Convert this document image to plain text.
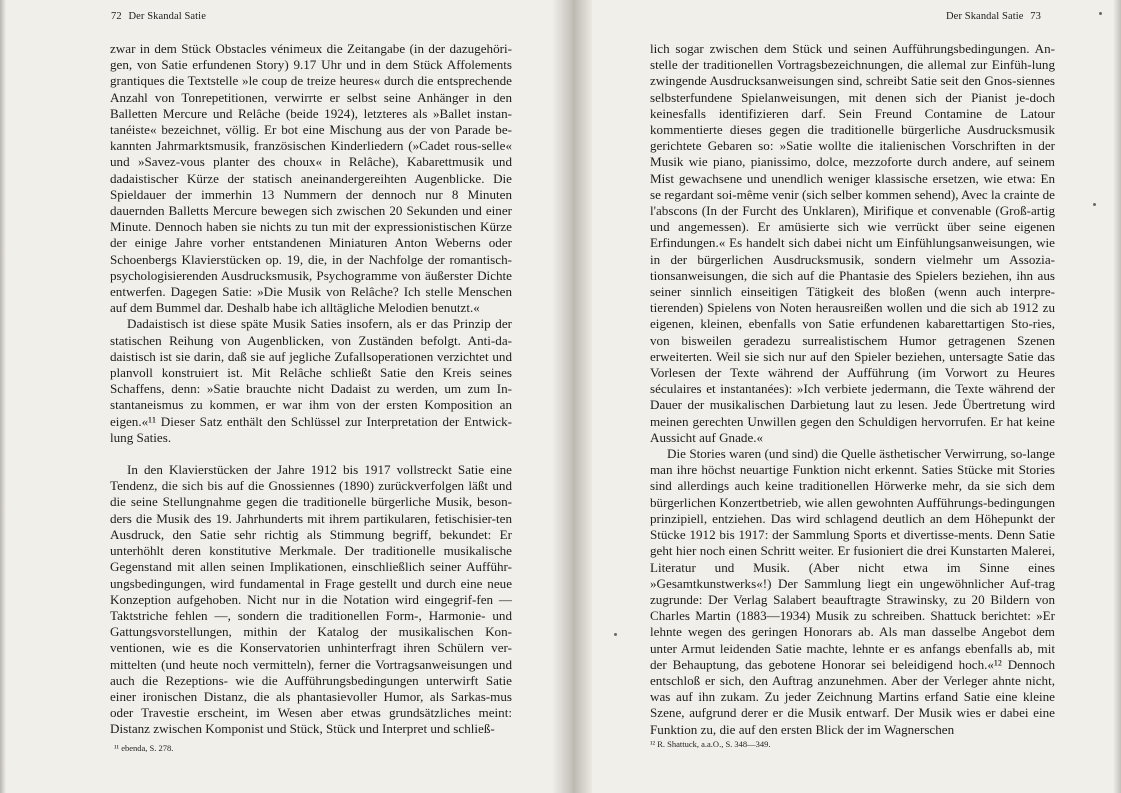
72 Der Skandal Satie

zwar in dem Stück Obstacles vénimeux die Zeitangabe (in der dazugehöri-gen, von Satie erfundenen Story) 9.17 Uhr und in dem Stück Affolements grantiques die Textstelle »le coup de treize heures« durch die entsprechende Anzahl von Tonrepetitionen, verwirrte er selbst seine Anhänger in den Balletten Mercure und Relâche (beide 1924), letzteres als »Ballet instan-tanéiste« bezeichnet, völlig. Er bot eine Mischung aus der von Parade be-kannten Jahrmarktsmusik, französischen Kinderliedern (»Cadet rous-selle« und »Savez-vous planter des choux« in Relâche), Kabarettmusik und dadaistischer Kürze der statisch aneinandergereihten Augenblicke. Die Spieldauer der immerhin 13 Nummern der dennoch nur 8 Minuten dauernden Balletts Mercure bewegen sich zwischen 20 Sekunden und einer Minute. Dennoch haben sie nichts zu tun mit der expressionistischen Kürze der einige Jahre vorher entstandenen Miniaturen Anton Weberns oder Schoenbergs Klavierstücken op. 19, die, in der Nachfolge der romantisch-psychologisierenden Ausdrucksmusik, Psychogramme von äußerster Dichte entwerfen. Dagegen Satie: »Die Musik von Relâche? Ich stelle Menschen auf dem Bummel dar. Deshalb habe ich alltägliche Melodien benutzt.«

Dadaistisch ist diese späte Musik Saties insofern, als er das Prinzip der statischen Reihung von Augenblicken, von Zuständen befolgt. Anti-da-daistisch ist sie darin, daß sie auf jegliche Zufallsoperationen verzichtet und planvoll konstruiert ist. Mit Relâche schließt Satie den Kreis seines Schaffens, denn: »Satie brauchte nicht Dadaist zu werden, um zum In-stantaneismus zu kommen, er war ihm von der ersten Komposition an eigen.«¹¹ Dieser Satz enthält den Schlüssel zur Interpretation der Entwick-lung Saties.

In den Klavierstücken der Jahre 1912 bis 1917 vollstreckt Satie eine Tendenz, die sich bis auf die Gnossiennes (1890) zurückverfolgen läßt und die seine Stellungnahme gegen die traditionelle bürgerliche Musik, beson-ders die Musik des 19. Jahrhunderts mit ihrem partikularen, fetischisier-ten Ausdruck, den Satie sehr richtig als Stimmung begriff, bekundet: Er unterhöhlt deren konstitutive Merkmale. Der traditionelle musikalische Gegenstand mit allen seinen Implikationen, einschließlich seiner Aufführ-ungsbedingungen, wird fundamental in Frage gestellt und durch eine neue Konzeption aufgehoben. Nicht nur in die Notation wird eingegrif-fen — Taktstriche fehlen —, sondern die traditionellen Form-, Harmonie- und Gattungsvorstellungen, mithin der Katalog der musikalischen Kon-ventionen, wie es die Konservatorien unhinterfragt ihren Schülern ver-mittelten (und heute noch vermitteln), ferner die Vortragsanweisungen und auch die Rezeptions- wie die Aufführungsbedingungen unterwirft Satie einer ironischen Distanz, die als phantasievoller Humor, als Sarkas-mus oder Travestie erscheint, im Wesen aber etwas grundsätzliches meint: Distanz zwischen Komponist und Stück, Stück und Interpret und schließ-

¹¹ ebenda, S. 278.
Der Skandal Satie 73

lich sogar zwischen dem Stück und seinen Aufführungsbedingungen. An-stelle der traditionellen Vortragsbezeichnungen, die allemal zur Einfüh-lung zwingende Ausdrucksanweisungen sind, schreibt Satie seit den Gnos-siennes selbsterfundene Spielanweisungen, mit denen sich der Pianist je-doch keinesfalls identifizieren darf. Sein Freund Contamine de Latour kommentierte dieses gegen die traditionelle bürgerliche Ausdrucksmusik gerichtete Gebaren so: »Satie wollte die italienischen Vorschriften in der Musik wie piano, pianissimo, dolce, mezzoforte durch andere, auf seinem Mist gewachsene und unendlich weniger klassische ersetzen, wie etwa: En se regardant soi-même venir (sich selber kommen sehend), Avec la crainte de l'abscons (In der Furcht des Unklaren), Mirifique et convenable (Groß-artig und angemessen). Er amüsierte sich wie verrückt über seine eigenen Erfindungen.« Es handelt sich dabei nicht um Einfühlungsanweisungen, wie in der bürgerlichen Ausdrucksmusik, sondern vielmehr um Assozia-tionsanweisungen, die sich auf die Phantasie des Spielers beziehen, ihn aus seiner sinnlich einseitigen Tätigkeit des bloßen (wenn auch interpre-tierenden) Spielens von Noten herausreißen wollen und die sich ab 1912 zu eigenen, kleinen, ebenfalls von Satie erfundenen kabarettartigen Sto-ries, von bisweilen geradezu surrealistischem Humor getragenen Szenen erweiterten. Weil sie sich nur auf den Spieler beziehen, untersagte Satie das Vorlesen der Texte während der Aufführung (im Vorwort zu Heures séculaires et instantanées): »Ich verbiete jedermann, die Texte während der Dauer der musikalischen Darbietung laut zu lesen. Jede Übertretung wird meinen gerechten Unwillen gegen den Schuldigen hervorrufen. Er hat keine Aussicht auf Gnade.«

Die Stories waren (und sind) die Quelle ästhetischer Verwirrung, so-lange man ihre höchst neuartige Funktion nicht erkennt. Saties Stücke mit Stories sind allerdings auch keine traditionellen Hörwerke mehr, da sie sich dem bürgerlichen Konzertbetrieb, wie allen gewohnten Aufführungs-bedingungen prinzipiell, entziehen. Das wird schlagend deutlich an dem Höhepunkt der Stücke 1912 bis 1917: der Sammlung Sports et divertisse-ments. Denn Satie geht hier noch einen Schritt weiter. Er fusioniert die drei Kunstarten Malerei, Literatur und Musik. (Aber nicht etwa im Sinne eines »Gesamtkunstwerks«!) Der Sammlung liegt ein ungewöhnlicher Auf-trag zugrunde: Der Verlag Salabert beauftragte Strawinsky, zu 20 Bildern von Charles Martin (1883—1934) Musik zu schreiben. Shattuck berichtet: »Er lehnte wegen des geringen Honorars ab. Als man dasselbe Angebot dem unter Armut leidenden Satie machte, lehnte er es anfangs ebenfalls ab, mit der Behauptung, das gebotene Honorar sei beleidigend hoch.«¹² Dennoch entschloß er sich, den Auftrag anzunehmen. Aber der Verleger ahnte nicht, was auf ihn zukam. Zu jeder Zeichnung Martins erfand Satie eine kleine Szene, aufgrund derer er die Musik entwarf. Der Musik wies er dabei eine Funktion zu, die auf den ersten Blick der im Wagnerschen

¹² R. Shattuck, a.a.O., S. 348—349.
